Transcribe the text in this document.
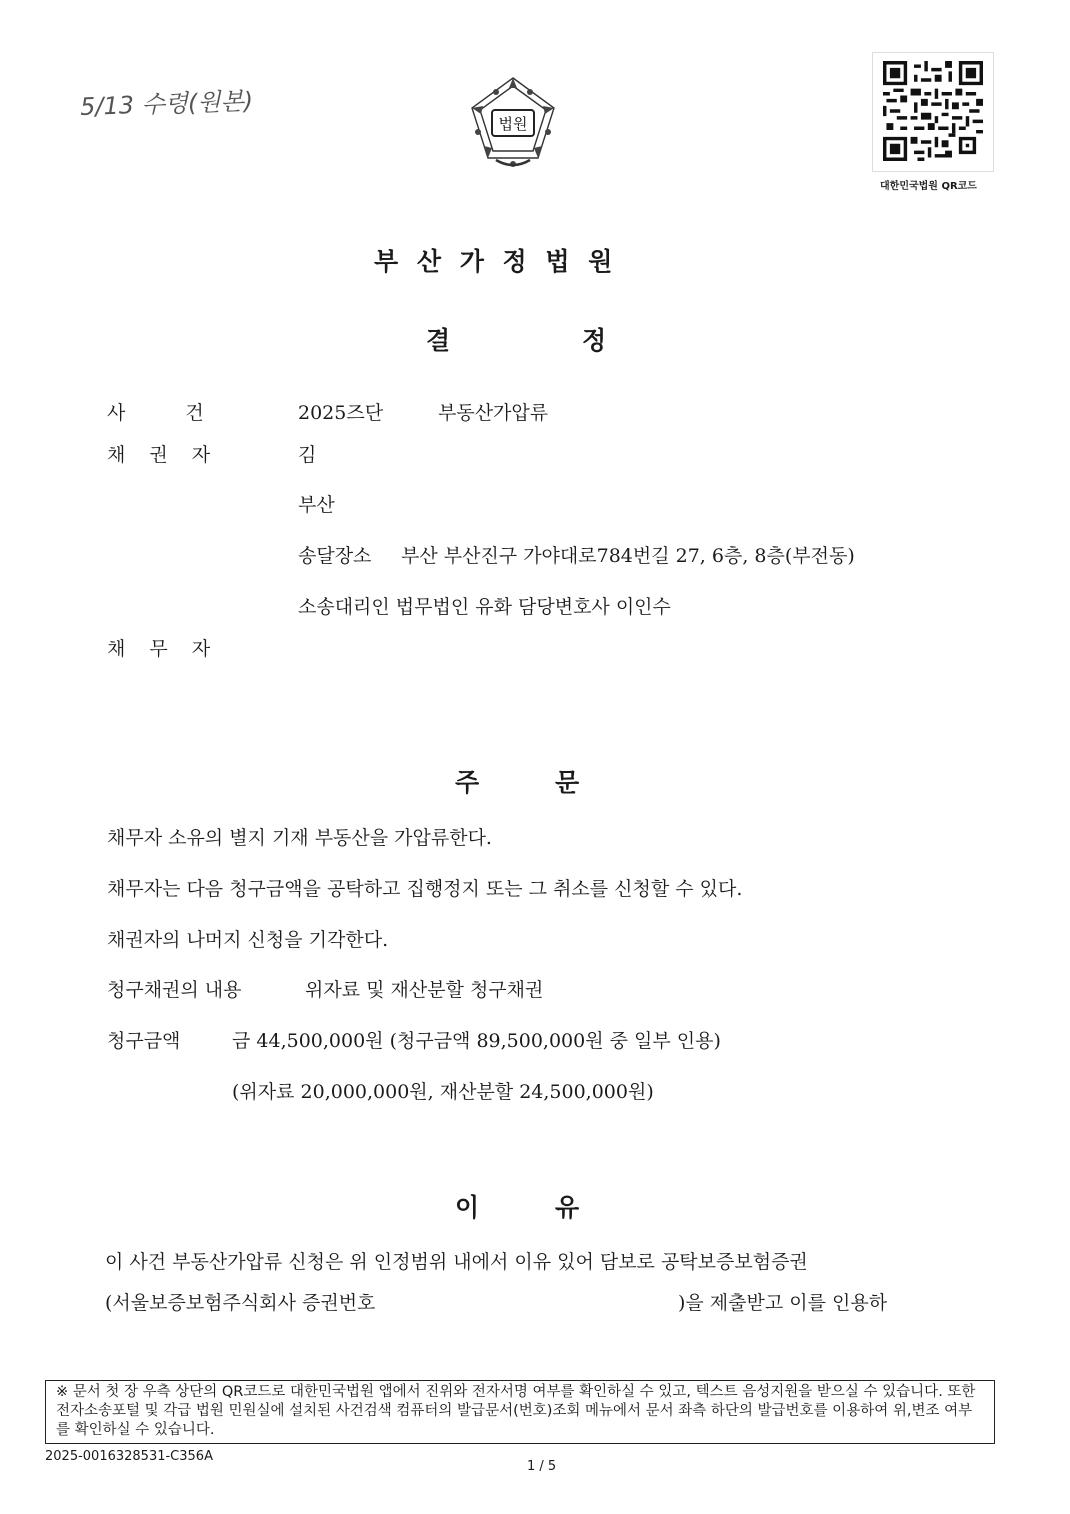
5/13 수령(원본)
법원
대한민국법원 QR코드
부 산 가 정 법 원
결	정
사 건	2025즈단	부동산가압류
채 권 자	김
부산
송달장소 부산 부산진구 가야대로784번길 27, 6층, 8층(부전동)
소송대리인 법무법인 유화 담당변호사 이인수
채 무 자
주	문
채무자 소유의 별지 기재 부동산을 가압류한다.
채무자는 다음 청구금액을 공탁하고 집행정지 또는 그 취소를 신청할 수 있다.
채권자의 나머지 신청을 기각한다.
청구채권의 내용	위자료 및 재산분할 청구채권
청구금액	금 44,500,000원 (청구금액 89,500,000원 중 일부 인용)
(위자료 20,000,000원, 재산분할 24,500,000원)
이	유
이 사건 부동산가압류 신청은 위 인정범위 내에서 이유 있어 담보로 공탁보증보험증권
(서울보증보험주식회사 증권번호	)을 제출받고 이를 인용하
※ 문서 첫 장 우측 상단의 QR코드로 대한민국법원 앱에서 진위와 전자서명 여부를 확인하실 수 있고, 텍스트 음성지원을 받으실 수 있습니다. 또한 전자소송포털 및 각급 법원 민원실에 설치된 사건검색 컴퓨터의 발급문서(번호)조회 메뉴에서 문서 좌측 하단의 발급번호를 이용하여 위,변조 여부를 확인하실 수 있습니다.
2025-0016328531-C356A
1 / 5
